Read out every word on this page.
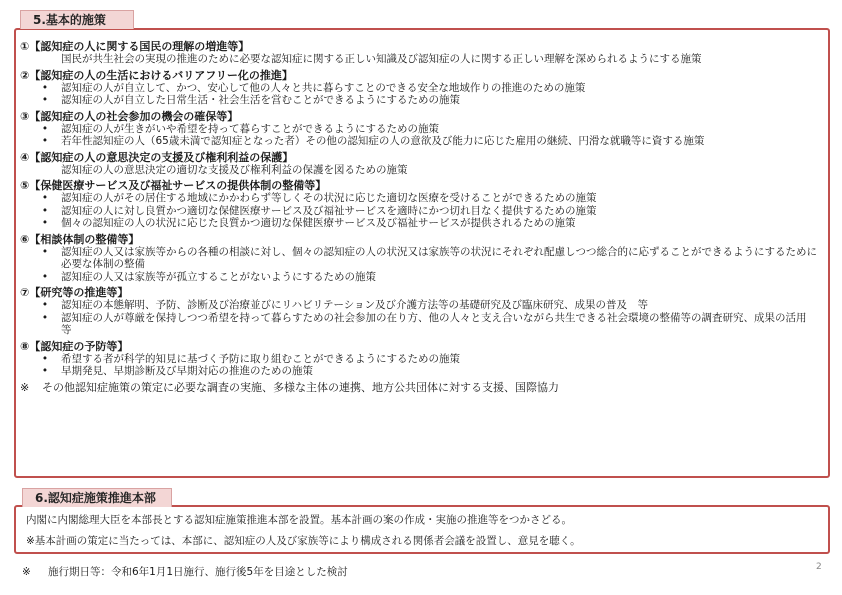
5.基本的施策
①【認知症の人に関する国民の理解の増進等】
国民が共生社会の実現の推進のために必要な認知症に関する正しい知識及び認知症の人に関する正しい理解を深められるようにする施策
②【認知症の人の生活におけるバリアフリー化の推進】
• 認知症の人が自立して、かつ、安心して他の人々と共に暮らすことのできる安全な地域作りの推進のための施策
• 認知症の人が自立した日常生活・社会生活を営むことができるようにするための施策
③【認知症の人の社会参加の機会の確保等】
• 認知症の人が生きがいや希望を持って暮らすことができるようにするための施策
• 若年性認知症の人（65歳未満で認知症となった者）その他の認知症の人の意欲及び能力に応じた雇用の継続、円滑な就職等に資する施策
④【認知症の人の意思決定の支援及び権利利益の保護】
認知症の人の意思決定の適切な支援及び権利利益の保護を図るための施策
⑤【保健医療サービス及び福祉サービスの提供体制の整備等】
• 認知症の人がその居住する地域にかかわらず等しくその状況に応じた適切な医療を受けることができるための施策
• 認知症の人に対し良質かつ適切な保健医療サービス及び福祉サービスを適時にかつ切れ目なく提供するための施策
• 個々の認知症の人の状況に応じた良質かつ適切な保健医療サービス及び福祉サービスが提供されるための施策
⑥【相談体制の整備等】
• 認知症の人又は家族等からの各種の相談に対し、個々の認知症の人の状況又は家族等の状況にそれぞれ配慮しつつ総合的に応ずることができるようにするために必要な体制の整備
• 認知症の人又は家族等が孤立することがないようにするための施策
⑦【研究等の推進等】
• 認知症の本態解明、予防、診断及び治療並びにリハビリテーション及び介護方法等の基礎研究及び臨床研究、成果の普及　等
• 認知症の人が尊厳を保持しつつ希望を持って暮らすための社会参加の在り方、他の人々と支え合いながら共生できる社会環境の整備等の調査研究、成果の活用　等
⑧【認知症の予防等】
• 希望する者が科学的知見に基づく予防に取り組むことができるようにするための施策
• 早期発見、早期診断及び早期対応の推進のための施策
※ その他認知症施策の策定に必要な調査の実施、多様な主体の連携、地方公共団体に対する支援、国際協力
内閣に内閣総理大臣を本部長とする認知症施策推進本部を設置。基本計画の案の作成・実施の推進等をつかさどる。
※基本計画の策定に当たっては、本部に、認知症の人及び家族等により構成される関係者会議を設置し、意見を聴く。
6.認知症施策推進本部
※ 施行期日等：令和6年1月1日施行、施行後5年を目途とした検討	2
